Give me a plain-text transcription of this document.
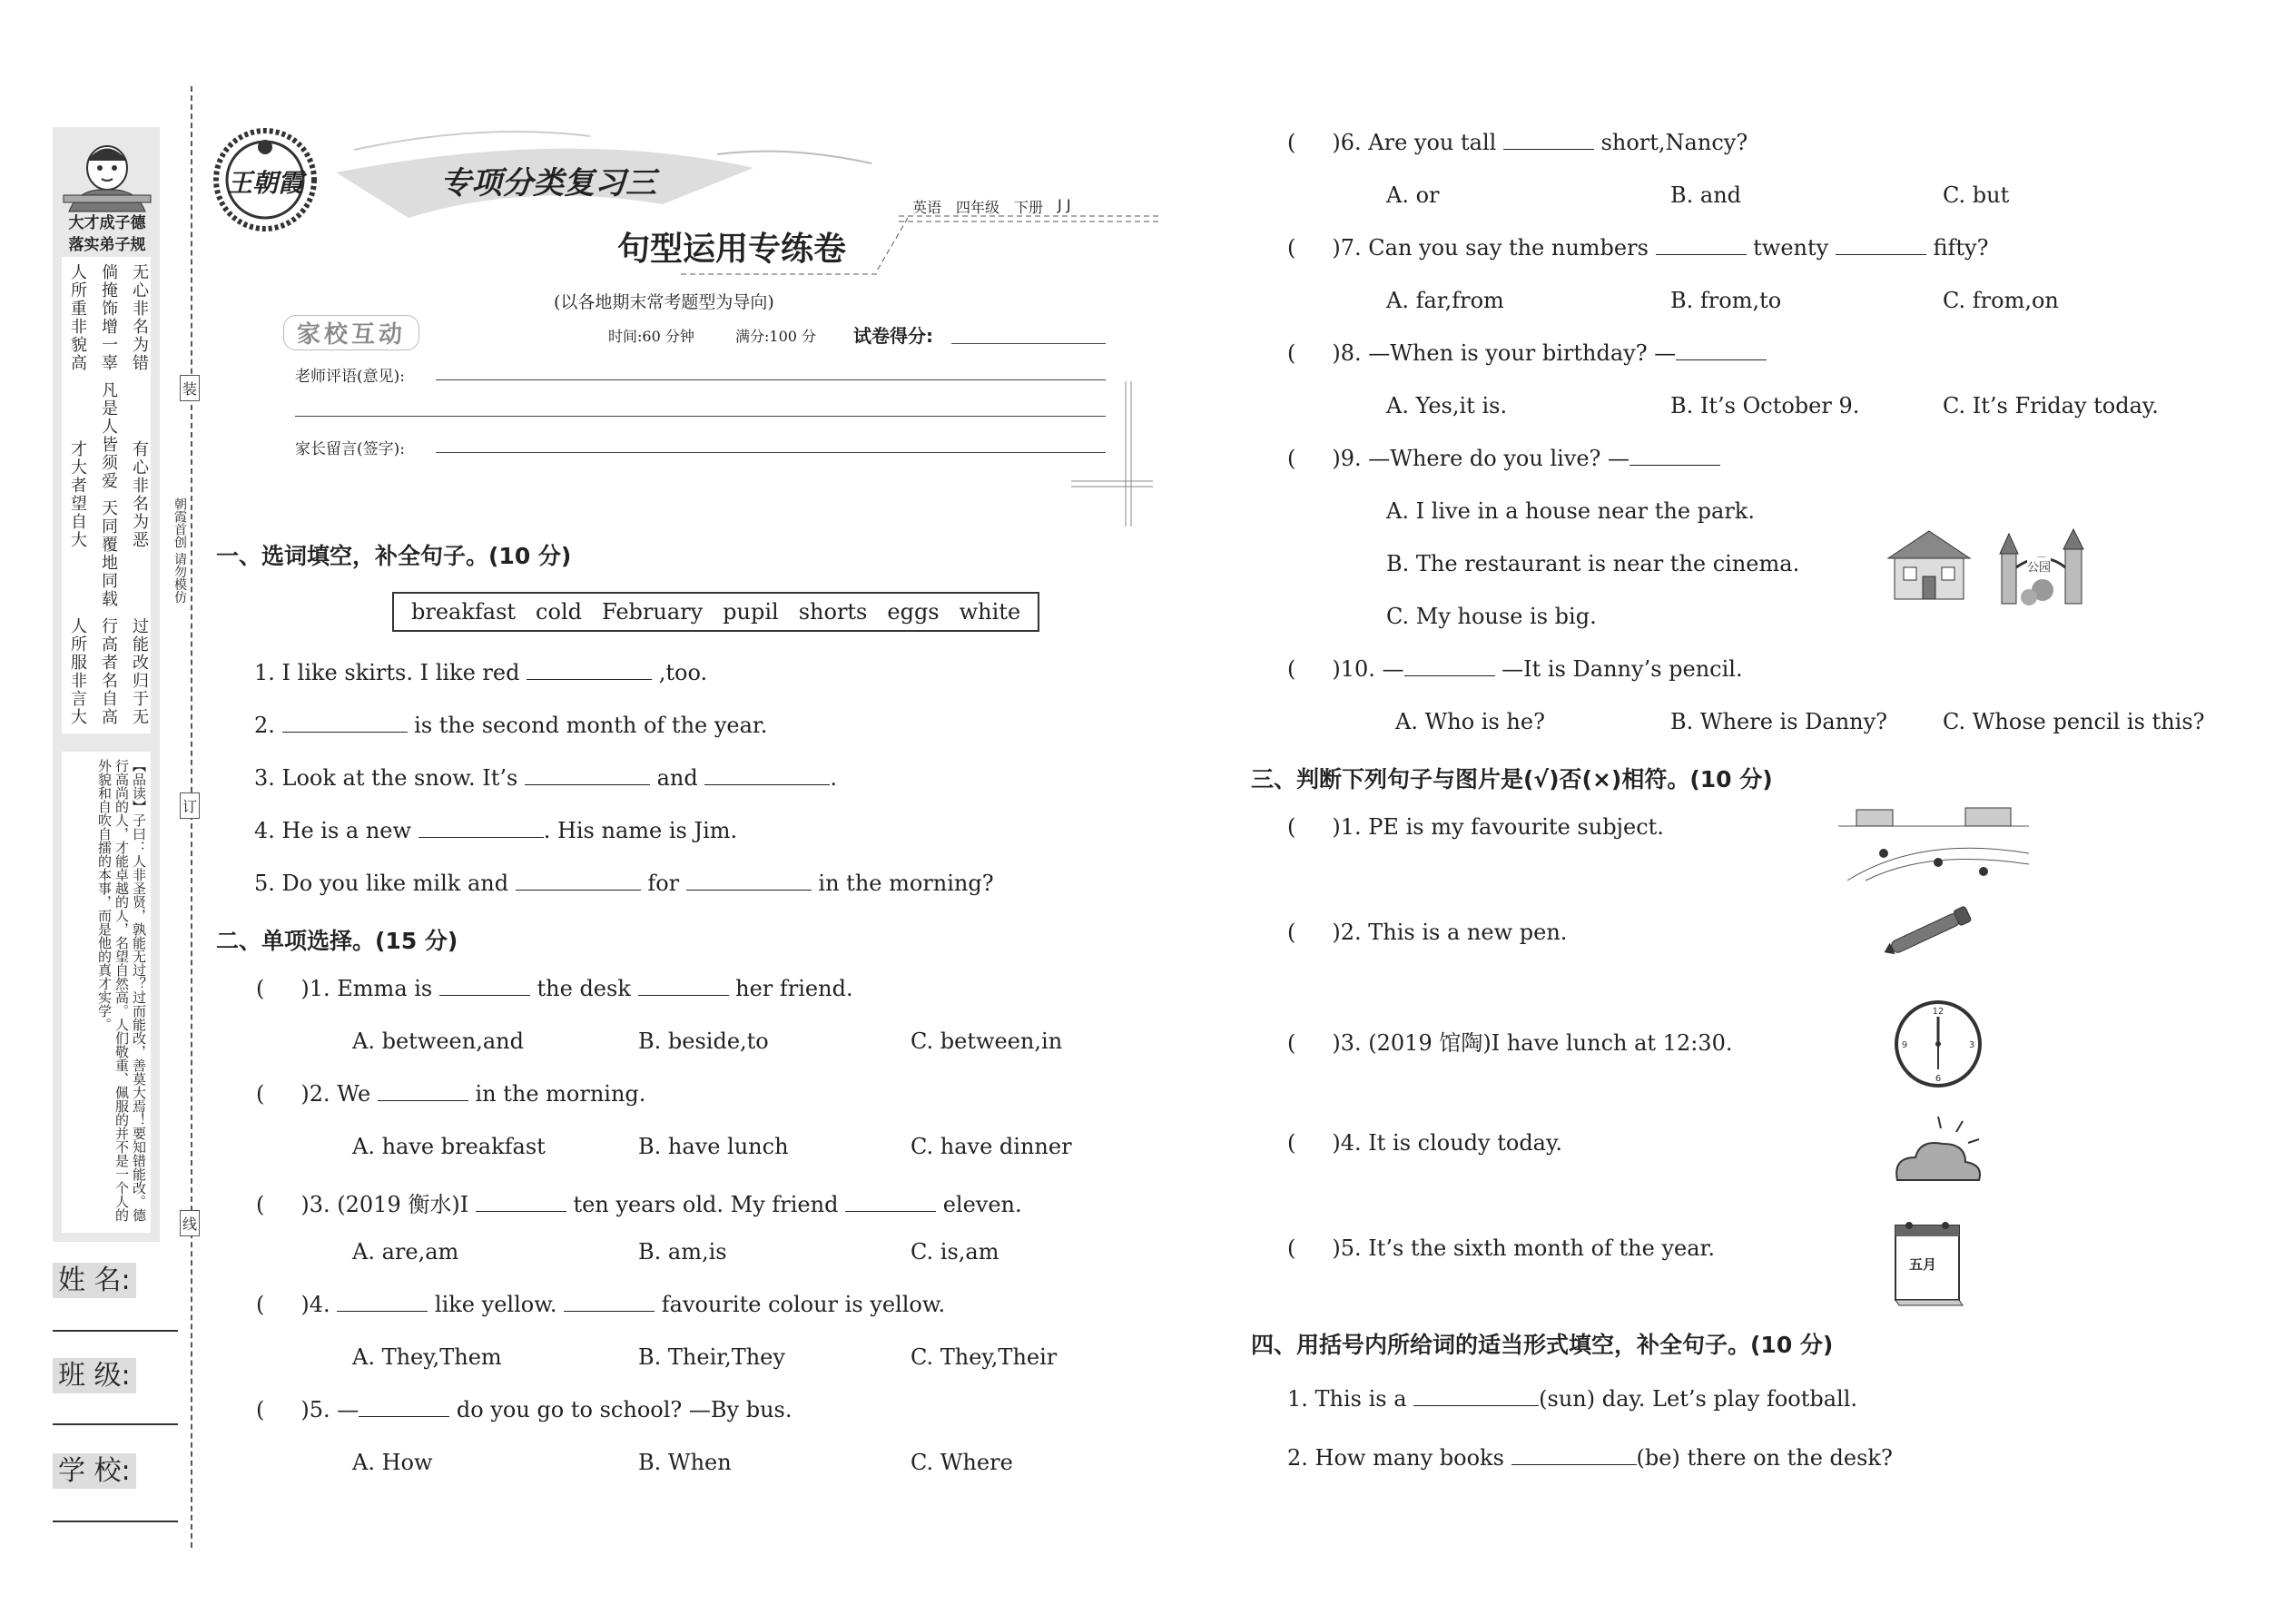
大才成子德
落实弟子规
无心非名为错
有心非名为恶
过能改归于无
倘掩饰增一辜
凡是人皆须爱
天同覆地同载
行高者名自高
人所重非貌高
才大者望自大
人所服非言大
【品读】子曰：人非圣贤，孰能无过？过而能改，善莫大焉！要知错能改。德行高尚的人，才能卓越的人，名望自然高。人们敬重、佩服的并不是一个人的外貌和自吹自擂的本事，而是他的真才实学。
姓 名:
班 级:
学 校:
装
订
线
朝霞首创 请勿模仿
王朝霞	专项分类复习三
英语 四年级 下册 J J
句型运用专练卷
(以各地期末常考题型为导向)
家校互动	时间:60 分钟	满分:100 分 试卷得分:
老师评语(意见):
家长留言(签字):
一、选词填空，补全句子。(10 分)
breakfast cold February pupil shorts eggs white
1. I like skirts. I like red	,too.
2.	is the second month of the year.
3. Look at the snow. It’s	and	.
4. He is a new	. His name is Jim.
5. Do you like milk and	for	in the morning?
二、单项选择。(15 分)
( )1. Emma is	the desk	her friend.
A. between,and	B. beside,to	C. between,in
( )2. We	in the morning.
A. have breakfast	B. have lunch	C. have dinner
( )3. (2019 衡水)I	ten years old. My friend	eleven.
A. are,am	B. am,is	C. is,am
( )4.	like yellow.	favourite colour is yellow.
A. They,Them	B. Their,They	C. They,Their
( )5. —	do you go to school? —By bus.
A. How	B. When	C. Where
( )6. Are you tall	short,Nancy?
A. or	B. and	C. but
( )7. Can you say the numbers	twenty	fifty?
A. far,from	B. from,to	C. from,on
( )8. —When is your birthday? —
A. Yes,it is.	B. It’s October 9.	C. It’s Friday today.
( )9. —Where do you live? —
A. I live in a house near the park.
B. The restaurant is near the cinema.
C. My house is big.
公园
( )10. —	—It is Danny’s pencil.
A. Who is he?	B. Where is Danny?	C. Whose pencil is this?
三、判断下列句子与图片是(√)否(×)相符。(10 分)
( )1. PE is my favourite subject.
( )2. This is a new pen.
( )3. (2019 馆陶)I have lunch at 12:30.
( )4. It is cloudy today.
( )5. It’s the sixth month of the year.
12
6
3
9
五月
四、用括号内所给词的适当形式填空，补全句子。(10 分)
1. This is a	(sun) day. Let’s play football.
2. How many books	(be) there on the desk?
